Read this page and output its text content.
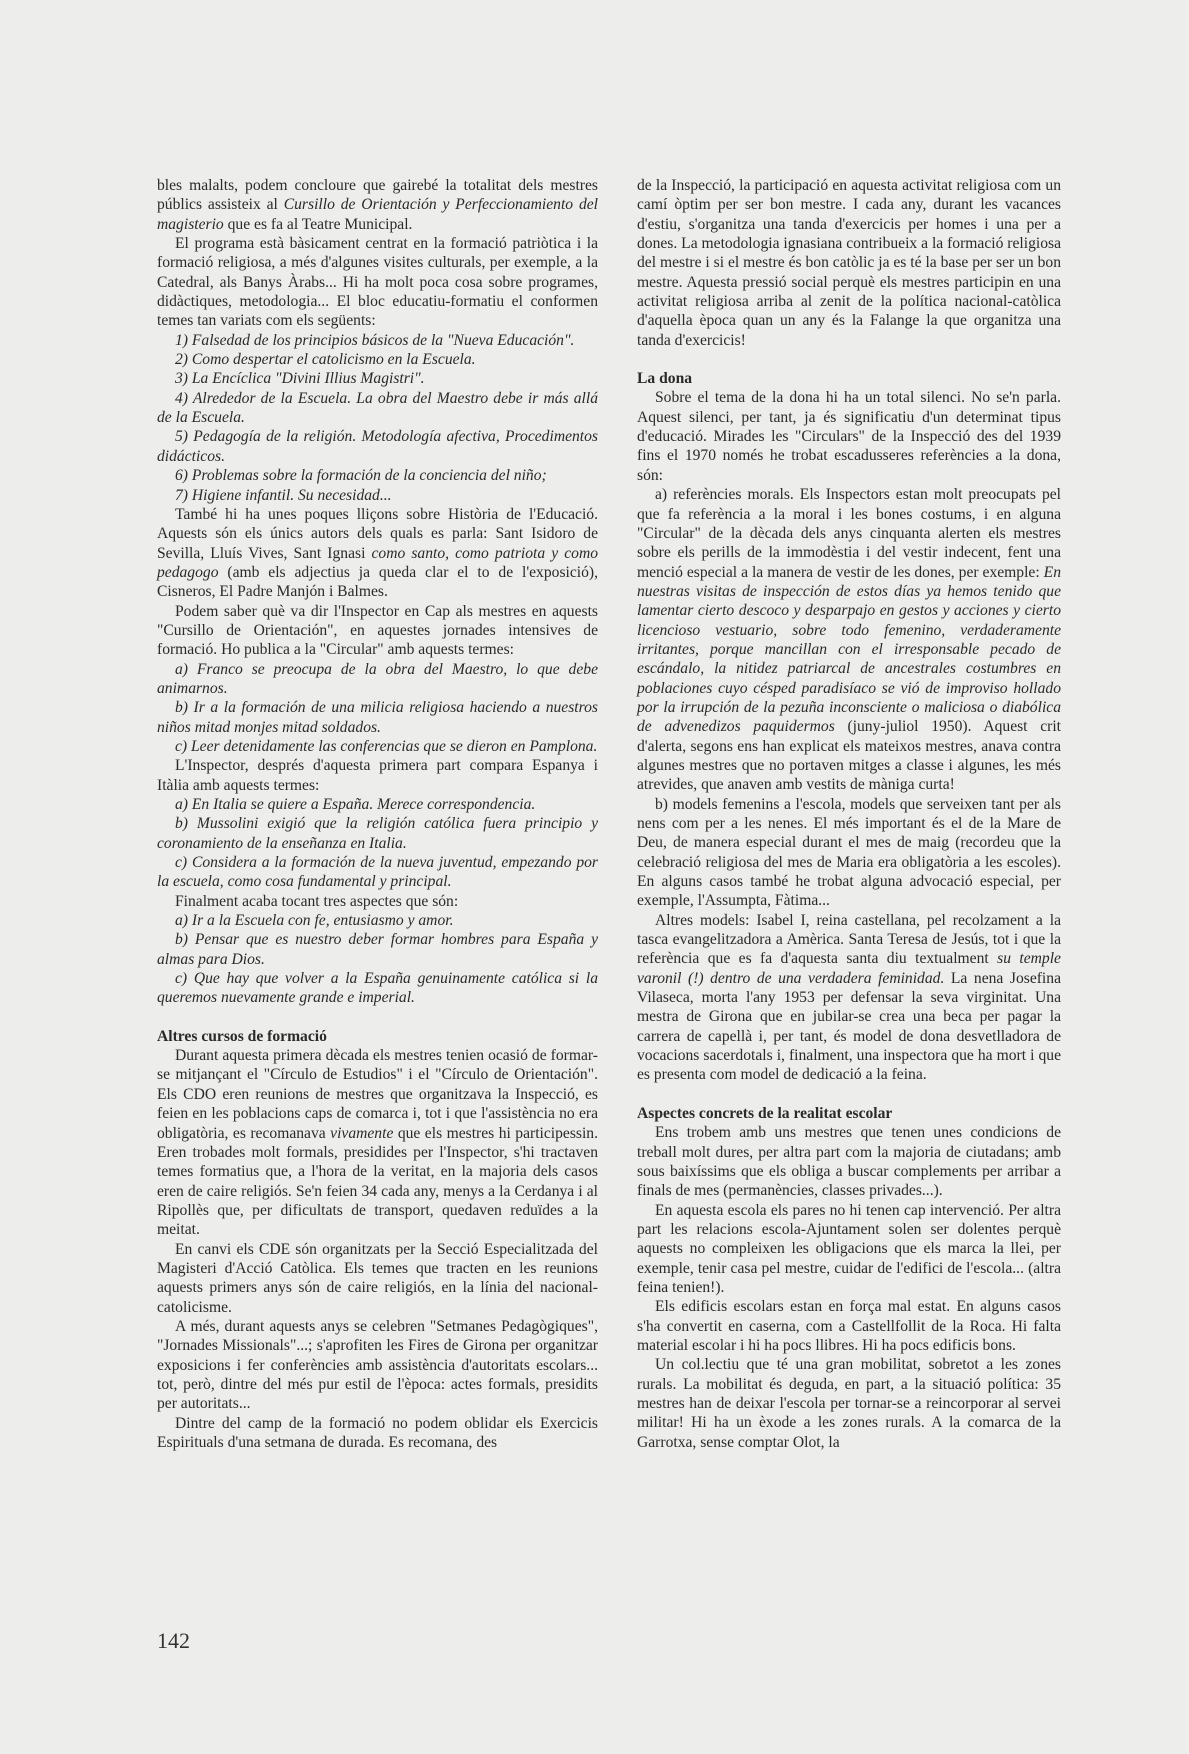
bles malalts, podem concloure que gairebé la totalitat dels mestres públics assisteix al Cursillo de Orientación y Perfeccionamiento del magisterio que es fa al Teatre Municipal.

El programa està bàsicament centrat en la formació patriòtica i la formació religiosa, a més d'algunes visites culturals, per exemple, a la Catedral, als Banys Àrabs... Hi ha molt poca cosa sobre programes, didàctiques, metodologia... El bloc educatiu-formatiu el conformen temes tan variats com els següents:

1) Falsedad de los principios básicos de la "Nueva Educación".

2) Como despertar el catolicismo en la Escuela.

3) La Encíclica "Divini Illius Magistri".

4) Alrededor de la Escuela. La obra del Maestro debe ir más allá de la Escuela.

5) Pedagogía de la religión. Metodología afectiva, Procedimentos didácticos.

6) Problemas sobre la formación de la conciencia del niño;

7) Higiene infantil. Su necesidad...

També hi ha unes poques lliçons sobre Història de l'Educació. Aquests són els únics autors dels quals es parla: Sant Isidoro de Sevilla, Lluís Vives, Sant Ignasi como santo, como patriota y como pedagogo (amb els adjectius ja queda clar el to de l'exposició), Cisneros, El Padre Manjón i Balmes.

Podem saber què va dir l'Inspector en Cap als mestres en aquests "Cursillo de Orientación", en aquestes jornades intensives de formació. Ho publica a la "Circular" amb aquests termes:

a) Franco se preocupa de la obra del Maestro, lo que debe animarnos.

b) Ir a la formación de una milicia religiosa haciendo a nuestros niños mitad monjes mitad soldados.

c) Leer detenidamente las conferencias que se dieron en Pamplona.

L'Inspector, després d'aquesta primera part compara Espanya i Itàlia amb aquests termes:

a) En Italia se quiere a España. Merece correspondencia.

b) Mussolini exigió que la religión católica fuera principio y coronamiento de la enseñanza en Italia.

c) Considera a la formación de la nueva juventud, empezando por la escuela, como cosa fundamental y principal.

Finalment acaba tocant tres aspectes que són:

a) Ir a la Escuela con fe, entusiasmo y amor.

b) Pensar que es nuestro deber formar hombres para España y almas para Dios.

c) Que hay que volver a la España genuinamente católica si la queremos nuevamente grande e imperial.

Altres cursos de formació

Durant aquesta primera dècada els mestres tenien ocasió de formar-se mitjançant el "Círculo de Estudios" i el "Círculo de Orientación". Els CDO eren reunions de mestres que organitzava la Inspecció, es feien en les poblacions caps de comarca i, tot i que l'assistència no era obligatòria, es recomanava vivamente que els mestres hi participessin. Eren trobades molt formals, presidides per l'Inspector, s'hi tractaven temes formatius que, a l'hora de la veritat, en la majoria dels casos eren de caire religiós. Se'n feien 34 cada any, menys a la Cerdanya i al Ripollès que, per dificultats de transport, quedaven reduïdes a la meitat.

En canvi els CDE són organitzats per la Secció Especialitzada del Magisteri d'Acció Catòlica. Els temes que tracten en les reunions aquests primers anys són de caire religiós, en la línia del nacional-catolicisme.

A més, durant aquests anys se celebren "Setmanes Pedagògiques", "Jornades Missionals"...; s'aprofiten les Fires de Girona per organitzar exposicions i fer conferències amb assistència d'autoritats escolars... tot, però, dintre del més pur estil de l'època: actes formals, presidits per autoritats...

Dintre del camp de la formació no podem oblidar els Exercicis Espirituals d'una setmana de durada. Es recomana, des

de la Inspecció, la participació en aquesta activitat religiosa com un camí òptim per ser bon mestre. I cada any, durant les vacances d'estiu, s'organitza una tanda d'exercicis per homes i una per a dones. La metodologia ignasiana contribueix a la formació religiosa del mestre i si el mestre és bon catòlic ja es té la base per ser un bon mestre. Aquesta pressió social perquè els mestres participin en una activitat religiosa arriba al zenit de la política nacional-catòlica d'aquella època quan un any és la Falange la que organitza una tanda d'exercicis!

La dona

Sobre el tema de la dona hi ha un total silenci. No se'n parla. Aquest silenci, per tant, ja és significatiu d'un determinat tipus d'educació. Mirades les "Circulars" de la Inspecció des del 1939 fins el 1970 només he trobat escadusseres referències a la dona, són:

a) referències morals. Els Inspectors estan molt preocupats pel que fa referència a la moral i les bones costums, i en alguna "Circular" de la dècada dels anys cinquanta alerten els mestres sobre els perills de la immodèstia i del vestir indecent, fent una menció especial a la manera de vestir de les dones, per exemple: En nuestras visitas de inspección de estos días ya hemos tenido que lamentar cierto descoco y desparpajo en gestos y acciones y cierto licencioso vestuario, sobre todo femenino, verdaderamente irritantes, porque mancillan con el irresponsable pecado de escándalo, la nitidez patriarcal de ancestrales costumbres en poblaciones cuyo césped paradisíaco se vió de improviso hollado por la irrupción de la pezuña inconsciente o maliciosa o diabólica de advenedizos paquidermos (juny-juliol 1950). Aquest crit d'alerta, segons ens han explicat els mateixos mestres, anava contra algunes mestres que no portaven mitges a classe i algunes, les més atrevides, que anaven amb vestits de màniga curta!

b) models femenins a l'escola, models que serveixen tant per als nens com per a les nenes. El més important és el de la Mare de Deu, de manera especial durant el mes de maig (recordeu que la celebració religiosa del mes de Maria era obligatòria a les escoles). En alguns casos també he trobat alguna advocació especial, per exemple, l'Assumpta, Fàtima...

Altres models: Isabel I, reina castellana, pel recolzament a la tasca evangelitzadora a Amèrica. Santa Teresa de Jesús, tot i que la referència que es fa d'aquesta santa diu textualment su temple varonil (!) dentro de una verdadera feminidad. La nena Josefina Vilaseca, morta l'any 1953 per defensar la seva virginitat. Una mestra de Girona que en jubilar-se crea una beca per pagar la carrera de capellà i, per tant, és model de dona desvetlladora de vocacions sacerdotals i, finalment, una inspectora que ha mort i que es presenta com model de dedicació a la feina.

Aspectes concrets de la realitat escolar

Ens trobem amb uns mestres que tenen unes condicions de treball molt dures, per altra part com la majoria de ciutadans; amb sous baixíssims que els obliga a buscar complements per arribar a finals de mes (permanències, classes privades...).

En aquesta escola els pares no hi tenen cap intervenció. Per altra part les relacions escola-Ajuntament solen ser dolentes perquè aquests no compleixen les obligacions que els marca la llei, per exemple, tenir casa pel mestre, cuidar de l'edifici de l'escola... (altra feina tenien!).

Els edificis escolars estan en força mal estat. En alguns casos s'ha convertit en caserna, com a Castellfollit de la Roca. Hi falta material escolar i hi ha pocs llibres. Hi ha pocs edificis bons.

Un col.lectiu que té una gran mobilitat, sobretot a les zones rurals. La mobilitat és deguda, en part, a la situació política: 35 mestres han de deixar l'escola per tornar-se a reincorporar al servei militar! Hi ha un èxode a les zones rurals. A la comarca de la Garrotxa, sense comptar Olot, la

142
